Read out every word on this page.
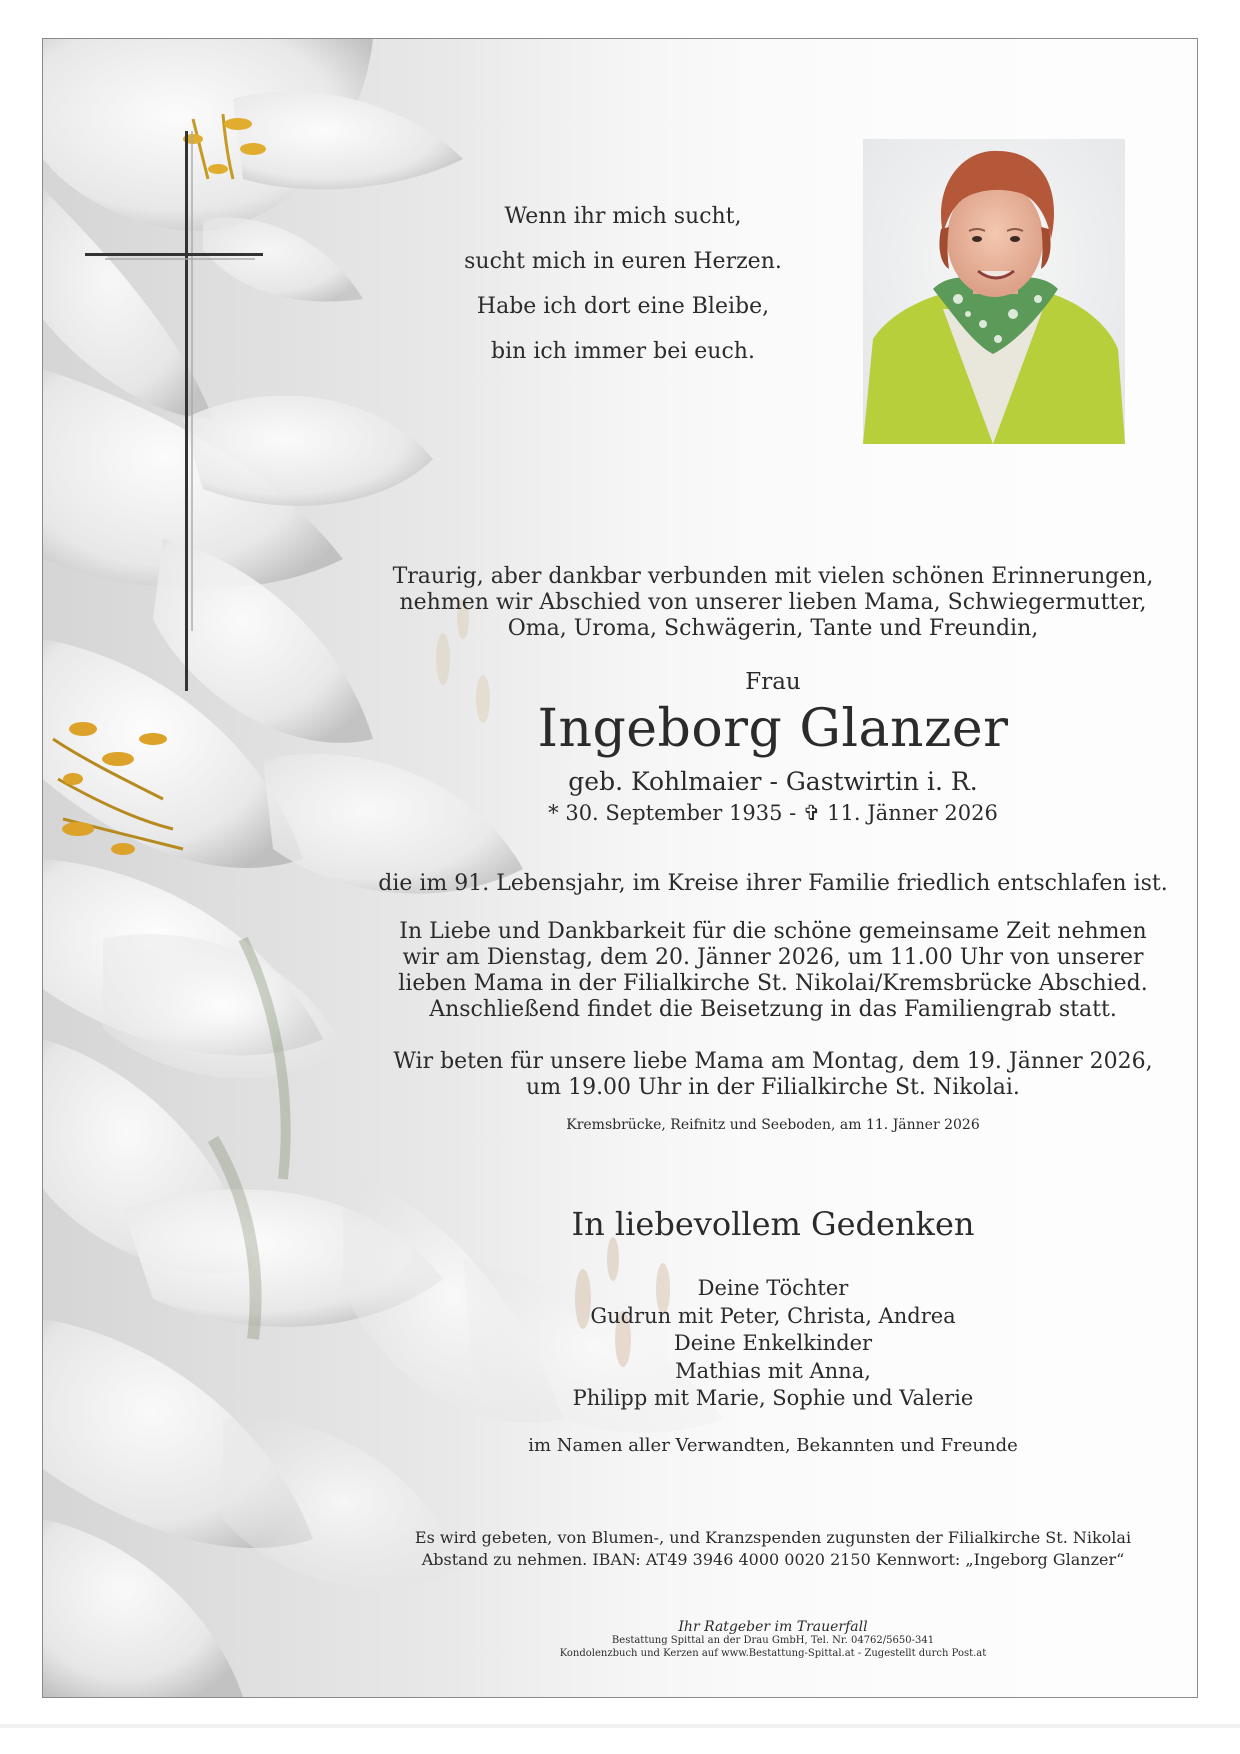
Wenn ihr mich sucht,
sucht mich in euren Herzen.
Habe ich dort eine Bleibe,
bin ich immer bei euch.
Traurig, aber dankbar verbunden mit vielen schönen Erinnerungen,
nehmen wir Abschied von unserer lieben Mama, Schwiegermutter,
Oma, Uroma, Schwägerin, Tante und Freundin,
Frau
Ingeborg Glanzer
geb. Kohlmaier - Gastwirtin i. R.
* 30. September 1935 - ✞ 11. Jänner 2026
die im 91. Lebensjahr, im Kreise ihrer Familie friedlich entschlafen ist.
In Liebe und Dankbarkeit für die schöne gemeinsame Zeit nehmen
wir am Dienstag, dem 20. Jänner 2026, um 11.00 Uhr von unserer
lieben Mama in der Filialkirche St. Nikolai/Kremsbrücke Abschied.
Anschließend findet die Beisetzung in das Familiengrab statt.
Wir beten für unsere liebe Mama am Montag, dem 19. Jänner 2026,
um 19.00 Uhr in der Filialkirche St. Nikolai.
Kremsbrücke, Reifnitz und Seeboden, am 11. Jänner 2026
In liebevollem Gedenken
Deine Töchter
Gudrun mit Peter, Christa, Andrea
Deine Enkelkinder
Mathias mit Anna,
Philipp mit Marie, Sophie und Valerie
im Namen aller Verwandten, Bekannten und Freunde
Es wird gebeten, von Blumen-, und Kranzspenden zugunsten der Filialkirche St. Nikolai
Abstand zu nehmen. IBAN: AT49 3946 4000 0020 2150 Kennwort: „Ingeborg Glanzer“
Ihr Ratgeber im Trauerfall
Bestattung Spittal an der Drau GmbH, Tel. Nr. 04762/5650-341
Kondolenzbuch und Kerzen auf www.Bestattung-Spittal.at - Zugestellt durch Post.at
